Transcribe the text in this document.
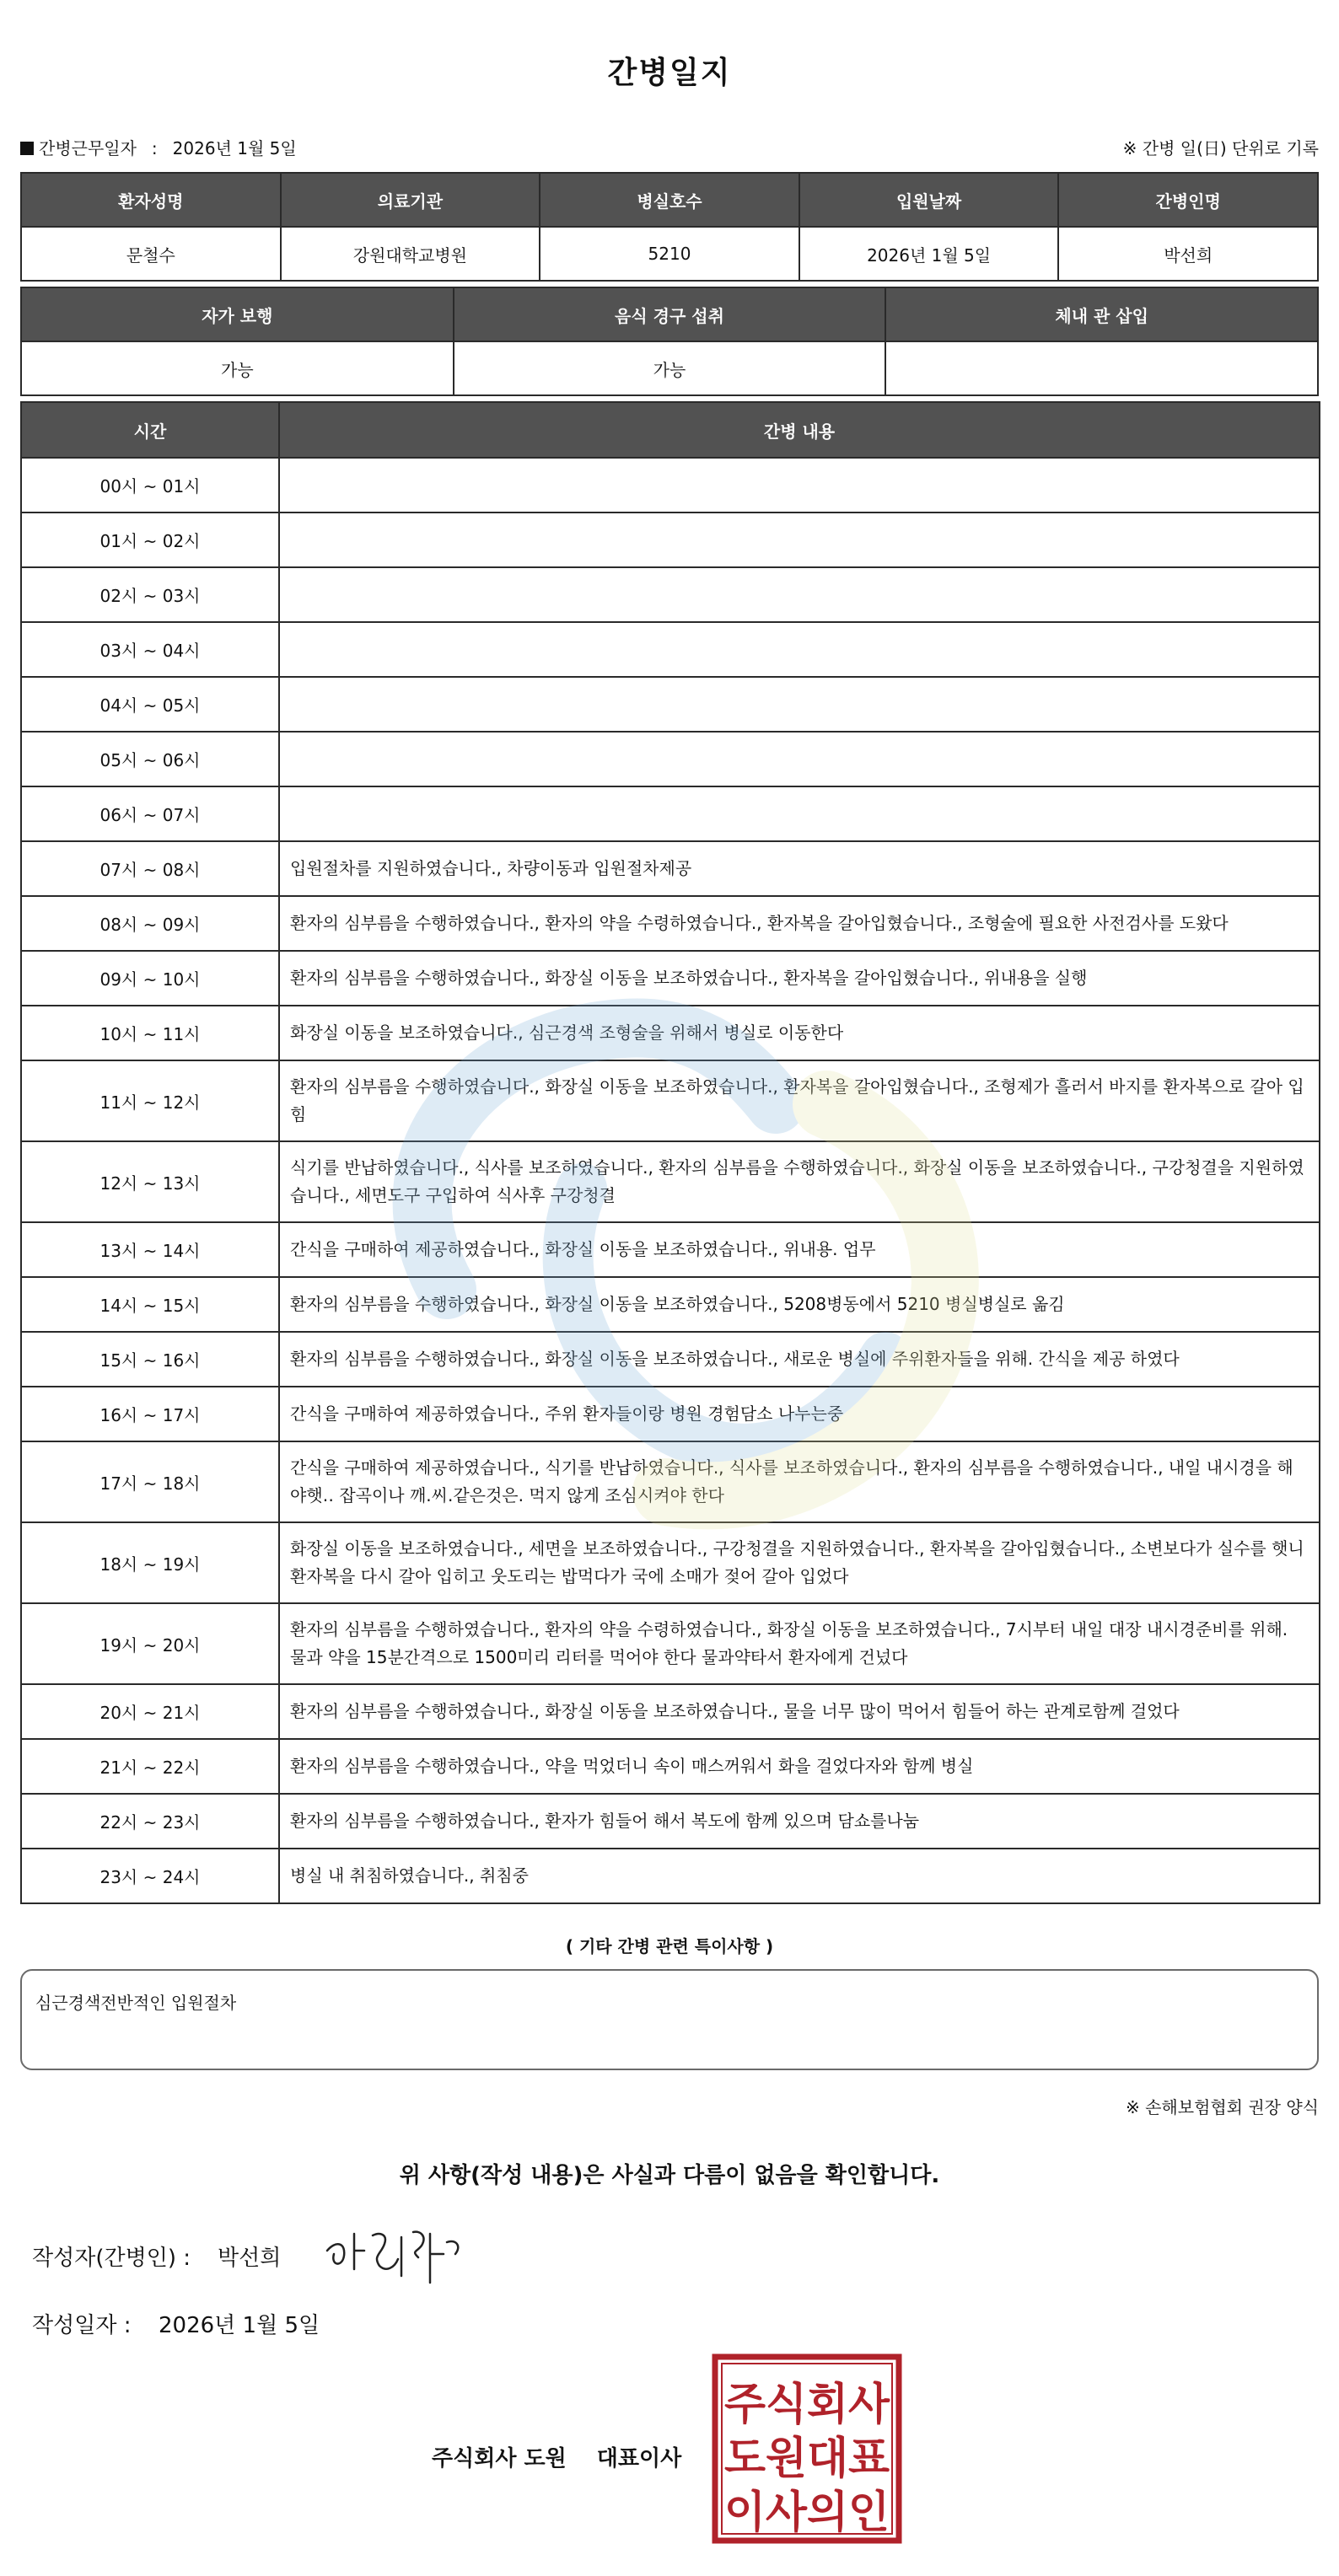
간병일지
간병근무일자 : 2026년 1월 5일	※ 간병 일(日) 단위로 기록
환자성명	의료기관	병실호수	입원날짜	간병인명
문철수	강원대학교병원	5210	2026년 1월 5일	박선희
자가 보행	음식 경구 섭취	체내 관 삽입
가능	가능	
시간	간병 내용
00시 ~ 01시	
01시 ~ 02시	
02시 ~ 03시	
03시 ~ 04시	
04시 ~ 05시	
05시 ~ 06시	
06시 ~ 07시	
07시 ~ 08시	입원절차를 지원하였습니다., 차량이동과 입원절차제공
08시 ~ 09시	환자의 심부름을 수행하였습니다., 환자의 약을 수령하였습니다., 환자복을 갈아입혔습니다., 조형술에 필요한 사전검사를 도왔다
09시 ~ 10시	환자의 심부름을 수행하였습니다., 화장실 이동을 보조하였습니다., 환자복을 갈아입혔습니다., 위내용을 실행
10시 ~ 11시	화장실 이동을 보조하였습니다., 심근경색 조형술을 위해서 병실로 이동한다
11시 ~ 12시	환자의 심부름을 수행하였습니다., 화장실 이동을 보조하였습니다., 환자복을 갈아입혔습니다., 조형제가 흘러서 바지를 환자복으로 갈아 입힘
12시 ~ 13시	식기를 반납하였습니다., 식사를 보조하였습니다., 환자의 심부름을 수행하였습니다., 화장실 이동을 보조하였습니다., 구강청결을 지원하였습니다., 세면도구 구입하여 식사후 구강청결
13시 ~ 14시	간식을 구매하여 제공하였습니다., 화장실 이동을 보조하였습니다., 위내용. 업무
14시 ~ 15시	환자의 심부름을 수행하였습니다., 화장실 이동을 보조하였습니다., 5208병동에서 5210 병실병실로 옮김
15시 ~ 16시	환자의 심부름을 수행하였습니다., 화장실 이동을 보조하였습니다., 새로운 병실에 주위환자들을 위해. 간식을 제공 하였다
16시 ~ 17시	간식을 구매하여 제공하였습니다., 주위 환자들이랑 병원 경험담소 나누는중
17시 ~ 18시	간식을 구매하여 제공하였습니다., 식기를 반납하였습니다., 식사를 보조하였습니다., 환자의 심부름을 수행하였습니다., 내일 내시경을 해야햇‥ 잡곡이나 깨.씨.같은것은. 먹지 않게 조심시켜야 한다
18시 ~ 19시	화장실 이동을 보조하였습니다., 세면을 보조하였습니다., 구강청결을 지원하였습니다., 환자복을 갈아입혔습니다., 소변보다가 실수를 햇니 환자복을 다시 갈아 입히고 웃도리는 밥먹다가 국에 소매가 젖어 갈아 입었다
19시 ~ 20시	환자의 심부름을 수행하였습니다., 환자의 약을 수령하였습니다., 화장실 이동을 보조하였습니다., 7시부터 내일 대장 내시경준비를 위해. 물과 약을 15분간격으로 1500미리 리터를 먹어야 한다 물과약타서 환자에게 건넜다
20시 ~ 21시	환자의 심부름을 수행하였습니다., 화장실 이동을 보조하였습니다., 물을 너무 많이 먹어서 힘들어 하는 관계로함께 걸었다
21시 ~ 22시	환자의 심부름을 수행하였습니다., 약을 먹었더니 속이 매스꺼워서 화을 걸었다자와 함께 병실
22시 ~ 23시	환자의 심부름을 수행하였습니다., 환자가 힘들어 해서 복도에 함께 있으며 담쇼를나눔
23시 ~ 24시	병실 내 취침하였습니다., 취침중
( 기타 간병 관련 특이사항 )
심근경색전반적인 입원절차
※ 손해보험협회 권장 양식
위 사항(작성 내용)은 사실과 다름이 없음을 확인합니다.
작성자(간병인) : 박선희
작성일자 : 2026년 1월 5일
주식회사 도원 대표이사
주식회사
도원대표
이사의인
